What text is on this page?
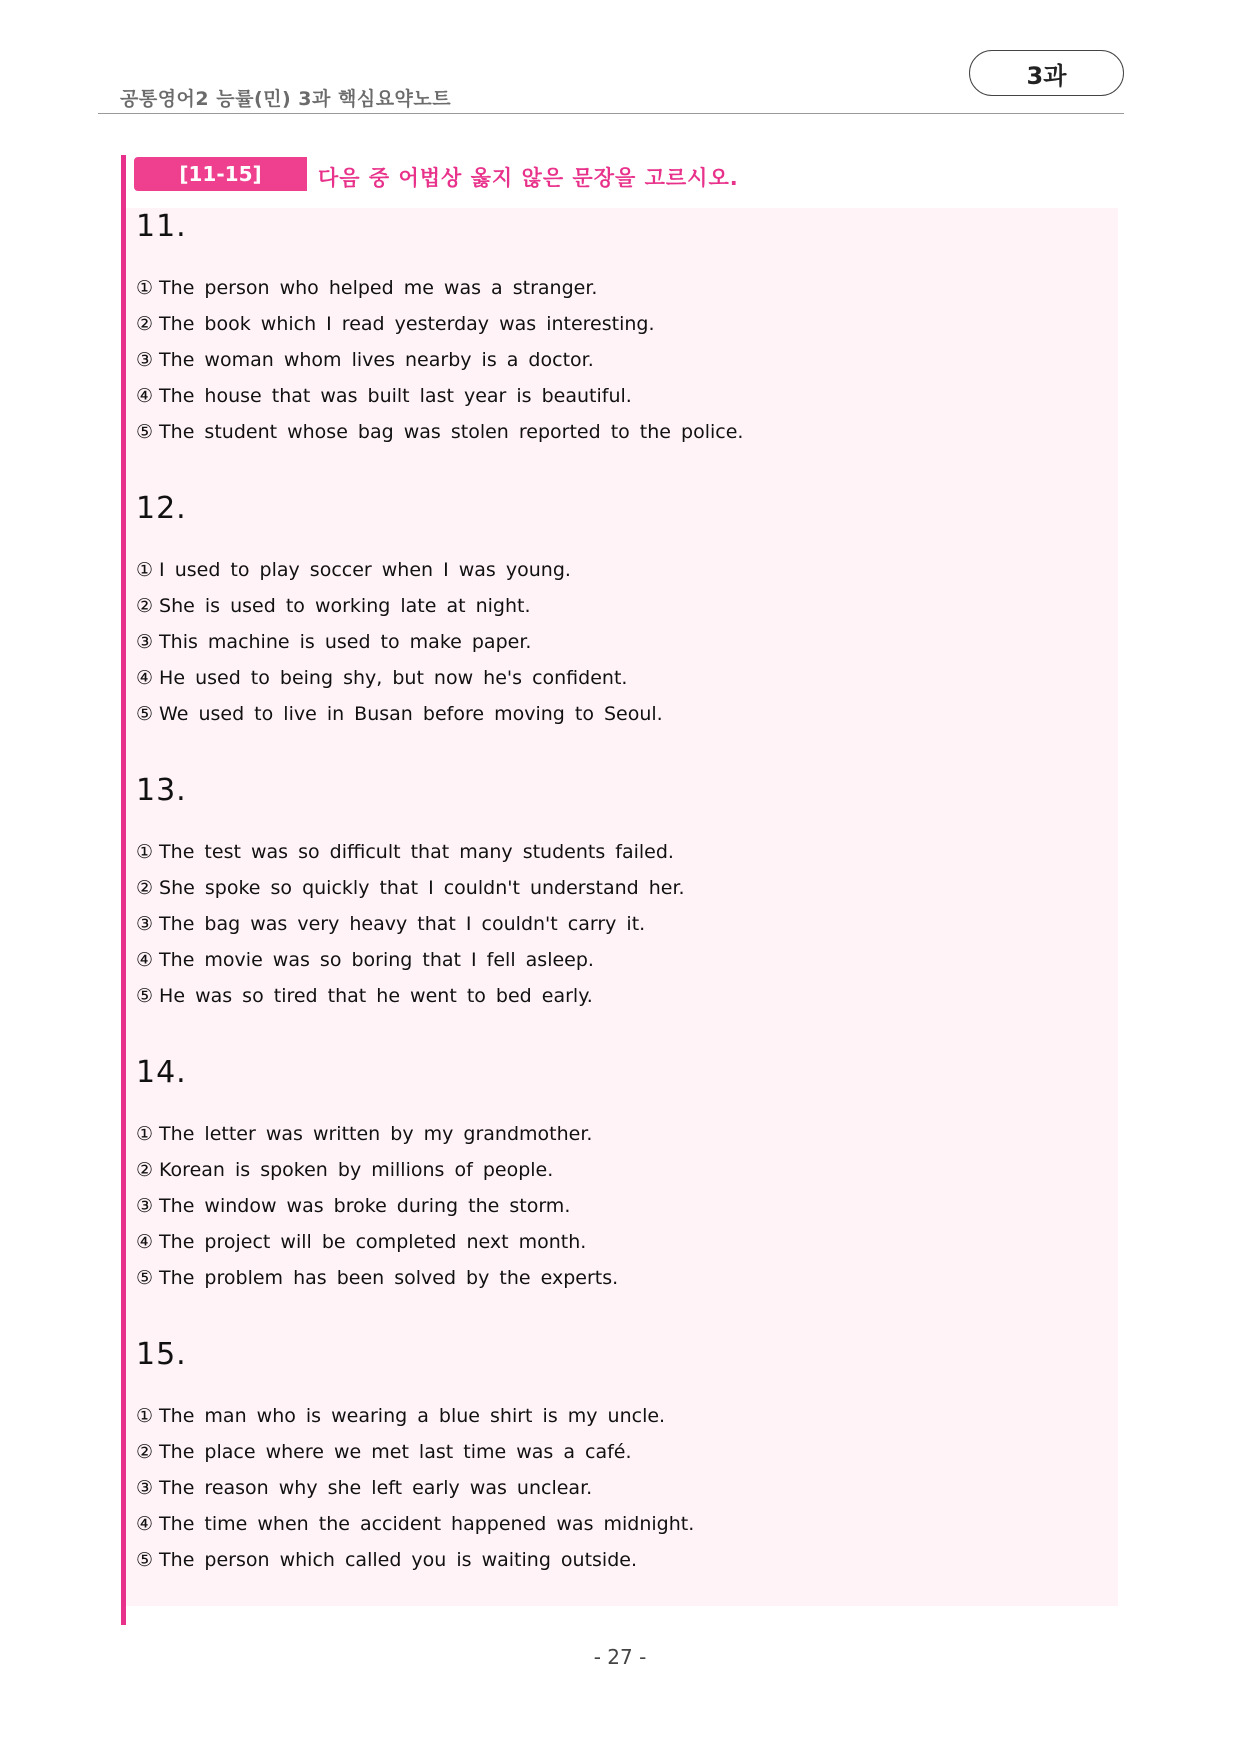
공통영어2 능률(민) 3과 핵심요약노트
3과
[11-15]	다음 중 어법상 옳지 않은 문장을 고르시오.
11.
① The person who helped me was a stranger.
② The book which I read yesterday was interesting.
③ The woman whom lives nearby is a doctor.
④ The house that was built last year is beautiful.
⑤ The student whose bag was stolen reported to the police.
12.
① I used to play soccer when I was young.
② She is used to working late at night.
③ This machine is used to make paper.
④ He used to being shy, but now he's confident.
⑤ We used to live in Busan before moving to Seoul.
13.
① The test was so difficult that many students failed.
② She spoke so quickly that I couldn't understand her.
③ The bag was very heavy that I couldn't carry it.
④ The movie was so boring that I fell asleep.
⑤ He was so tired that he went to bed early.
14.
① The letter was written by my grandmother.
② Korean is spoken by millions of people.
③ The window was broke during the storm.
④ The project will be completed next month.
⑤ The problem has been solved by the experts.
15.
① The man who is wearing a blue shirt is my uncle.
② The place where we met last time was a café.
③ The reason why she left early was unclear.
④ The time when the accident happened was midnight.
⑤ The person which called you is waiting outside.
- 27 -
